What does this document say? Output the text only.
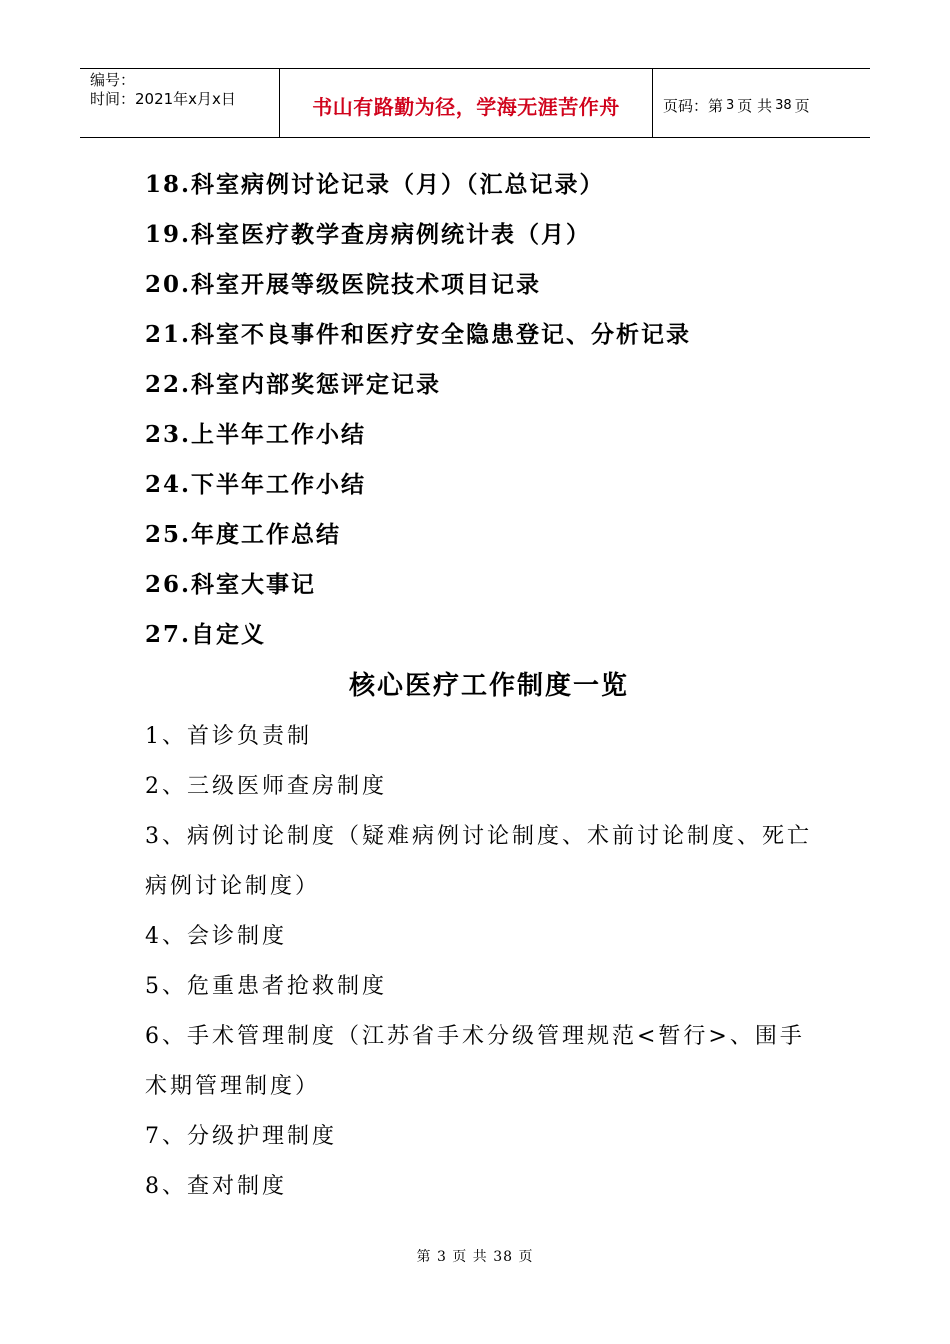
编号：
时间：2021年x月x日	书山有路勤为径，学海无涯苦作舟	页码：第 3 页 共 38 页
18.科室病例讨论记录（月）（汇总记录）
19.科室医疗教学查房病例统计表（月）
20.科室开展等级医院技术项目记录
21.科室不良事件和医疗安全隐患登记、分析记录
22.科室内部奖惩评定记录
23.上半年工作小结
24.下半年工作小结
25.年度工作总结
26.科室大事记
27.自定义
核心医疗工作制度一览
1、首诊负责制
2、三级医师查房制度
3、病例讨论制度（疑难病例讨论制度、术前讨论制度、死亡病例讨论制度）
4、会诊制度
5、危重患者抢救制度
6、手术管理制度（江苏省手术分级管理规范<暂行>、围手术期管理制度）
7、分级护理制度
8、查对制度
第 3 页 共 38 页
